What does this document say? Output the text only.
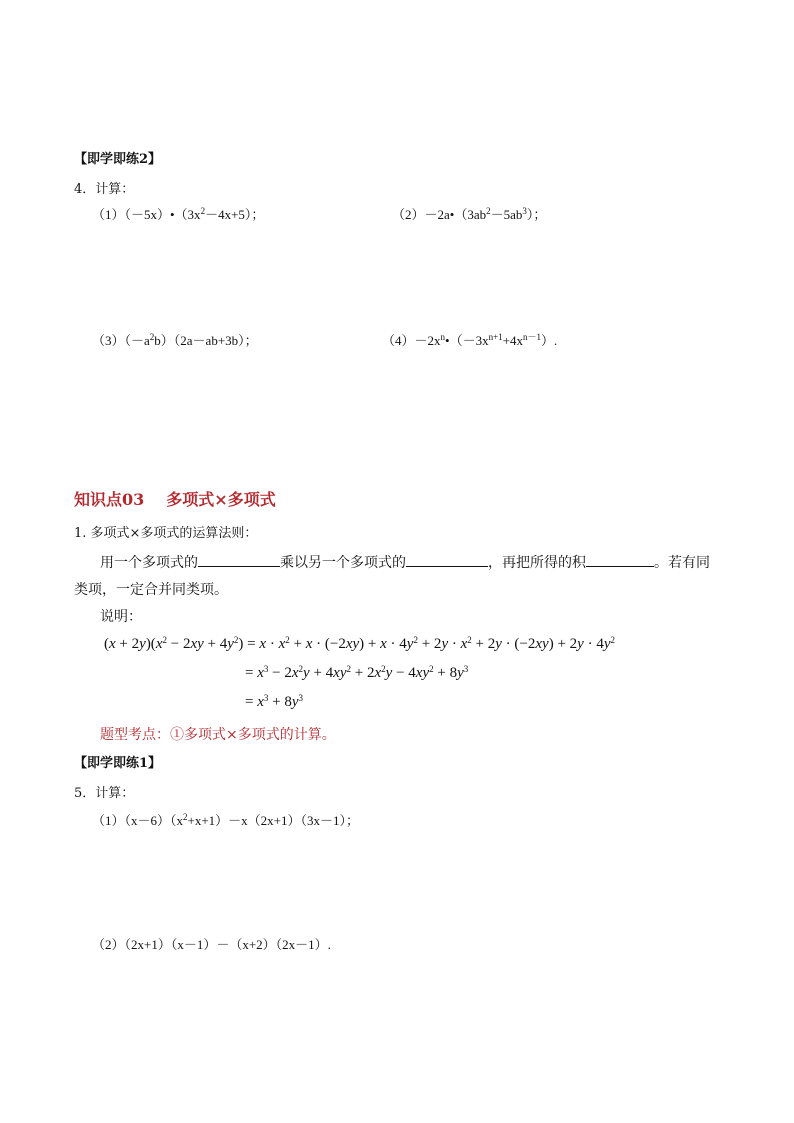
【即学即练2】
4．计算：
$(1)(-5x)•(3x^2-4x+5)$；	$(2)-2a•(3ab^2-5ab^3)$；
$(3)(-a^2b)(2a-ab+3b)$；	$(4)-2x^n•(-3x^{n+1}+4x^{n-1})$.
知识点03 多项式×多项式
1. 多项式×多项式的运算法则：
用一个多项式的	乘以另一个多项式的	，再把所得的积	。若有同
类项，一定合并同类项。
说明：
$(x + 2y)(x^2 - 2xy + 4y^2) = x \cdot x^2 + x \cdot (-2xy) + x \cdot 4y^2 + 2y \cdot x^2 + 2y \cdot (-2xy) + 2y \cdot 4y^2$
= $x^3 - 2x^2y + 4xy^2 + 2x^2y - 4xy^2 + 8y^3$
= $x^3 + 8y^3$
题型考点：①多项式×多项式的计算。
【即学即练1】
5．计算：
$(1)(x-6)(x^2+x+1)-x(2x+1)(3x-1)$；
（2）（2x+1）（x－1）－（x+2）（2x－1）.
